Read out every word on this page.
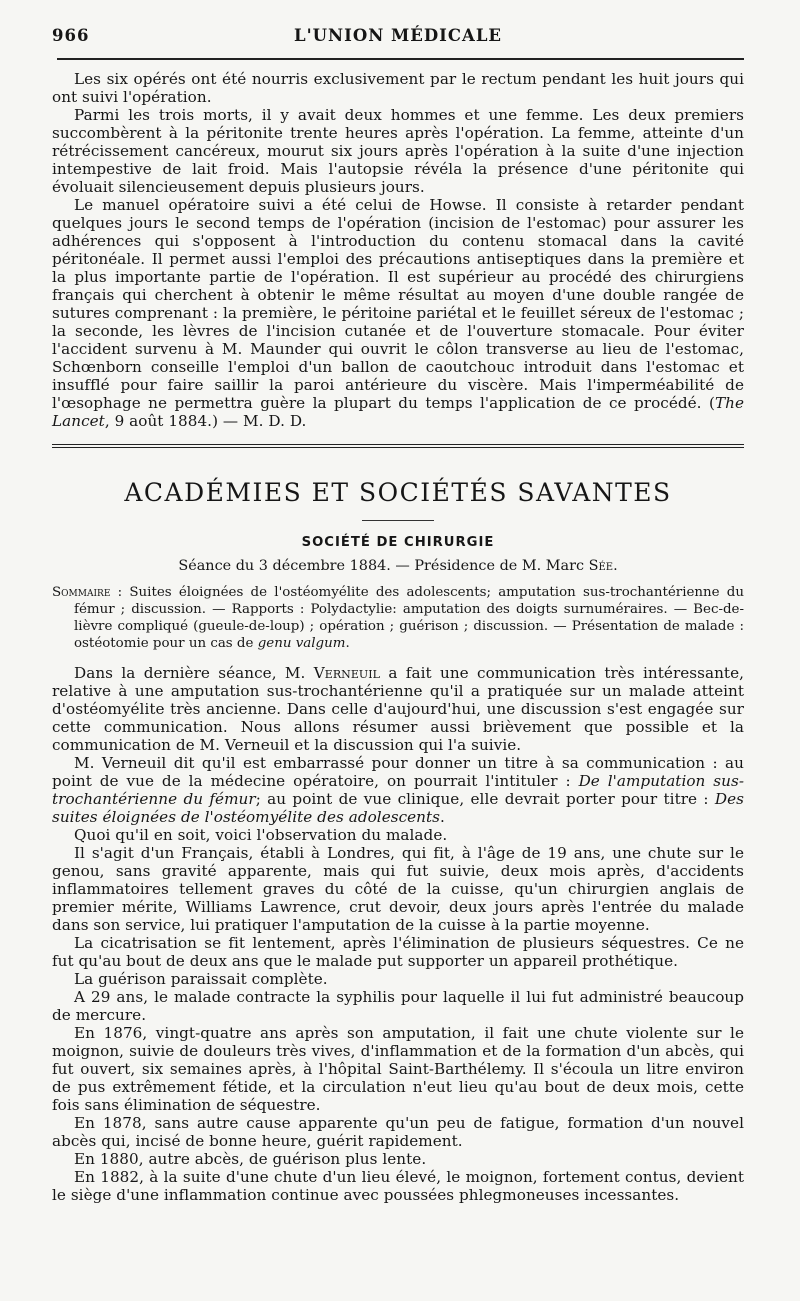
966	L'UNION MÉDICALE

Les six opérés ont été nourris exclusivement par le rectum pendant les huit jours qui ont suivi l'opération.

Parmi les trois morts, il y avait deux hommes et une femme. Les deux premiers succombèrent à la péritonite trente heures après l'opération. La femme, atteinte d'un rétrécissement cancéreux, mourut six jours après l'opération à la suite d'une injection intempestive de lait froid. Mais l'autopsie révéla la présence d'une péritonite qui évoluait silencieusement depuis plusieurs jours.

Le manuel opératoire suivi a été celui de Howse. Il consiste à retarder pendant quelques jours le second temps de l'opération (incision de l'estomac) pour assurer les adhérences qui s'opposent à l'introduction du contenu stomacal dans la cavité péritonéale. Il permet aussi l'emploi des précautions antiseptiques dans la première et la plus importante partie de l'opération. Il est supérieur au procédé des chirurgiens français qui cherchent à obtenir le même résultat au moyen d'une double rangée de sutures comprenant : la première, le péritoine pariétal et le feuillet séreux de l'estomac ; la seconde, les lèvres de l'incision cutanée et de l'ouverture stomacale. Pour éviter l'accident survenu à M. Maunder qui ouvrit le côlon transverse au lieu de l'estomac, Schœnborn conseille l'emploi d'un ballon de caoutchouc introduit dans l'estomac et insufflé pour faire saillir la paroi antérieure du viscère. Mais l'imperméabilité de l'œsophage ne permettra guère la plupart du temps l'application de ce procédé. (The Lancet, 9 août 1884.) — M. D. D.

ACADÉMIES ET SOCIÉTÉS SAVANTES
SOCIÉTÉ DE CHIRURGIE
Séance du 3 décembre 1884. — Présidence de M. Marc Sée.

Sommaire : Suites éloignées de l'ostéomyélite des adolescents; amputation sus-trochantérienne du fémur ; discussion. — Rapports : Polydactylie: amputation des doigts surnuméraires. — Bec-de-lièvre compliqué (gueule-de-loup) ; opération ; guérison ; discussion. — Présentation de malade : ostéotomie pour un cas de genu valgum.

Dans la dernière séance, M. Verneuil a fait une communication très intéressante, relative à une amputation sus-trochantérienne qu'il a pratiquée sur un malade atteint d'ostéomyélite très ancienne. Dans celle d'aujourd'hui, une discussion s'est engagée sur cette communication. Nous allons résumer aussi brièvement que possible et la communication de M. Verneuil et la discussion qui l'a suivie.

M. Verneuil dit qu'il est embarrassé pour donner un titre à sa communication : au point de vue de la médecine opératoire, on pourrait l'intituler : De l'amputation sus-trochantérienne du fémur; au point de vue clinique, elle devrait porter pour titre : Des suites éloignées de l'ostéomyélite des adolescents.

Quoi qu'il en soit, voici l'observation du malade.

Il s'agit d'un Français, établi à Londres, qui fit, à l'âge de 19 ans, une chute sur le genou, sans gravité apparente, mais qui fut suivie, deux mois après, d'accidents inflammatoires tellement graves du côté de la cuisse, qu'un chirurgien anglais de premier mérite, Williams Lawrence, crut devoir, deux jours après l'entrée du malade dans son service, lui pratiquer l'amputation de la cuisse à la partie moyenne.

La cicatrisation se fit lentement, après l'élimination de plusieurs séquestres. Ce ne fut qu'au bout de deux ans que le malade put supporter un appareil prothétique.

La guérison paraissait complète.

A 29 ans, le malade contracte la syphilis pour laquelle il lui fut administré beaucoup de mercure.

En 1876, vingt-quatre ans après son amputation, il fait une chute violente sur le moignon, suivie de douleurs très vives, d'inflammation et de la formation d'un abcès, qui fut ouvert, six semaines après, à l'hôpital Saint-Barthélemy. Il s'écoula un litre environ de pus extrêmement fétide, et la circulation n'eut lieu qu'au bout de deux mois, cette fois sans élimination de séquestre.

En 1878, sans autre cause apparente qu'un peu de fatigue, formation d'un nouvel abcès qui, incisé de bonne heure, guérit rapidement.

En 1880, autre abcès, de guérison plus lente.

En 1882, à la suite d'une chute d'un lieu élevé, le moignon, fortement contus, devient le siège d'une inflammation continue avec poussées phlegmoneuses incessantes.
